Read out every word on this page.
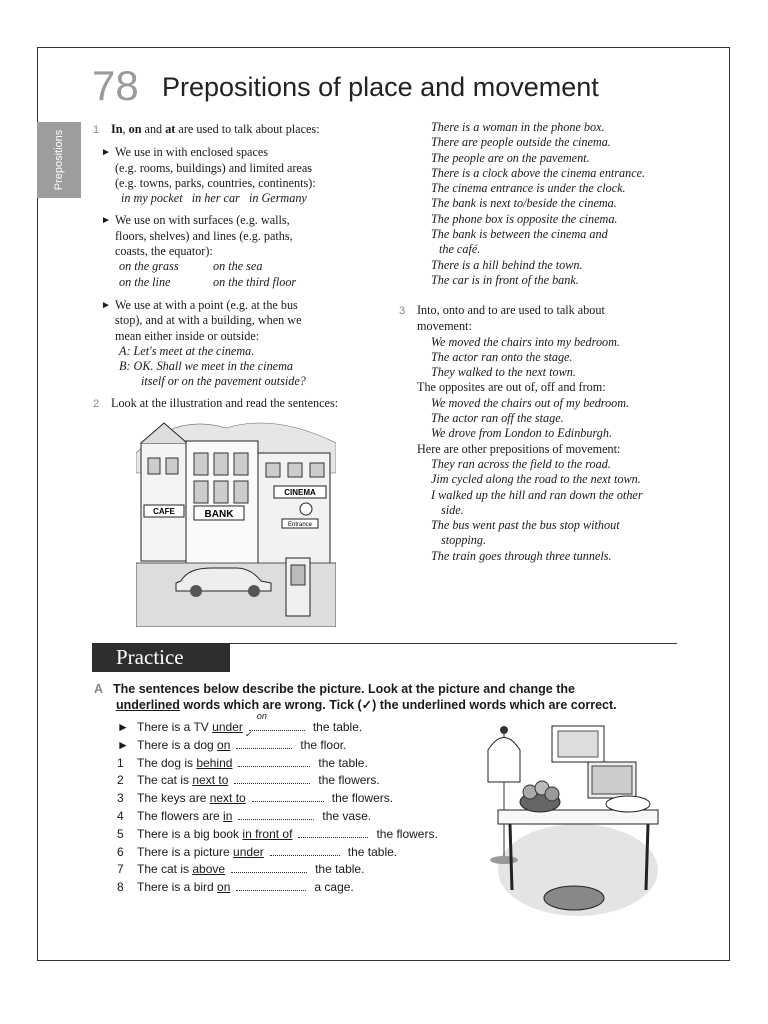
78 Prepositions of place and movement
Prepositions	1 In, on and at are used to talk about places:

► We use in with enclosed spaces
(e.g. rooms, buildings) and limited areas
(e.g. towns, parks, countries, continents):
in my pocket in her car in Germany
► We use on with surfaces (e.g. walls,
floors, shelves) and lines (e.g. paths,
coasts, the equator):
on the grass	on the sea
on the line	on the third floor
► We use at with a point (e.g. at the bus
stop), and at with a building, when we
mean either inside or outside:
A: Let's meet at the cinema.
B: OK. Shall we meet in the cinema
itself or on the pavement outside?

2 Look at the illustration and read the sentences:

CAFE	BANK
CINEMA
Entrance
There is a woman in the phone box.
There are people outside the cinema.
The people are on the pavement.
There is a clock above the cinema entrance.
The cinema entrance is under the clock.
The bank is next to/beside the cinema.
The phone box is opposite the cinema.
The bank is between the cinema and
the café.
There is a hill behind the town.
The car is in front of the bank.
3 Into, onto and to are used to talk about
movement:
We moved the chairs into my bedroom.
The actor ran onto the stage.
They walked to the next town.
The opposites are out of, off and from:
We moved the chairs out of my bedroom.
The actor ran off the stage.
We drove from London to Edinburgh.
Here are other prepositions of movement:
They ran across the field to the road.
Jim cycled along the road to the next town.
I walked up the hill and ran down the other
side.
The bus went past the bus stop without
stopping.
The train goes through three tunnels.
Practice
A The sentences below describe the picture. Look at the picture and change the
underlined words which are wrong. Tick (✓) the underlined words which are correct.
► There is a TV under
on
the table.
► There is a dog on
✓
the floor.
1 The dog is behind	the table.
2 The cat is next to	the flowers.
3 The keys are next to	the flowers.
4 The flowers are in	the vase.
5 There is a big book in front of	the flowers.
6 There is a picture under	the table.
7 The cat is above	the table.
8 There is a bird on	a cage.
